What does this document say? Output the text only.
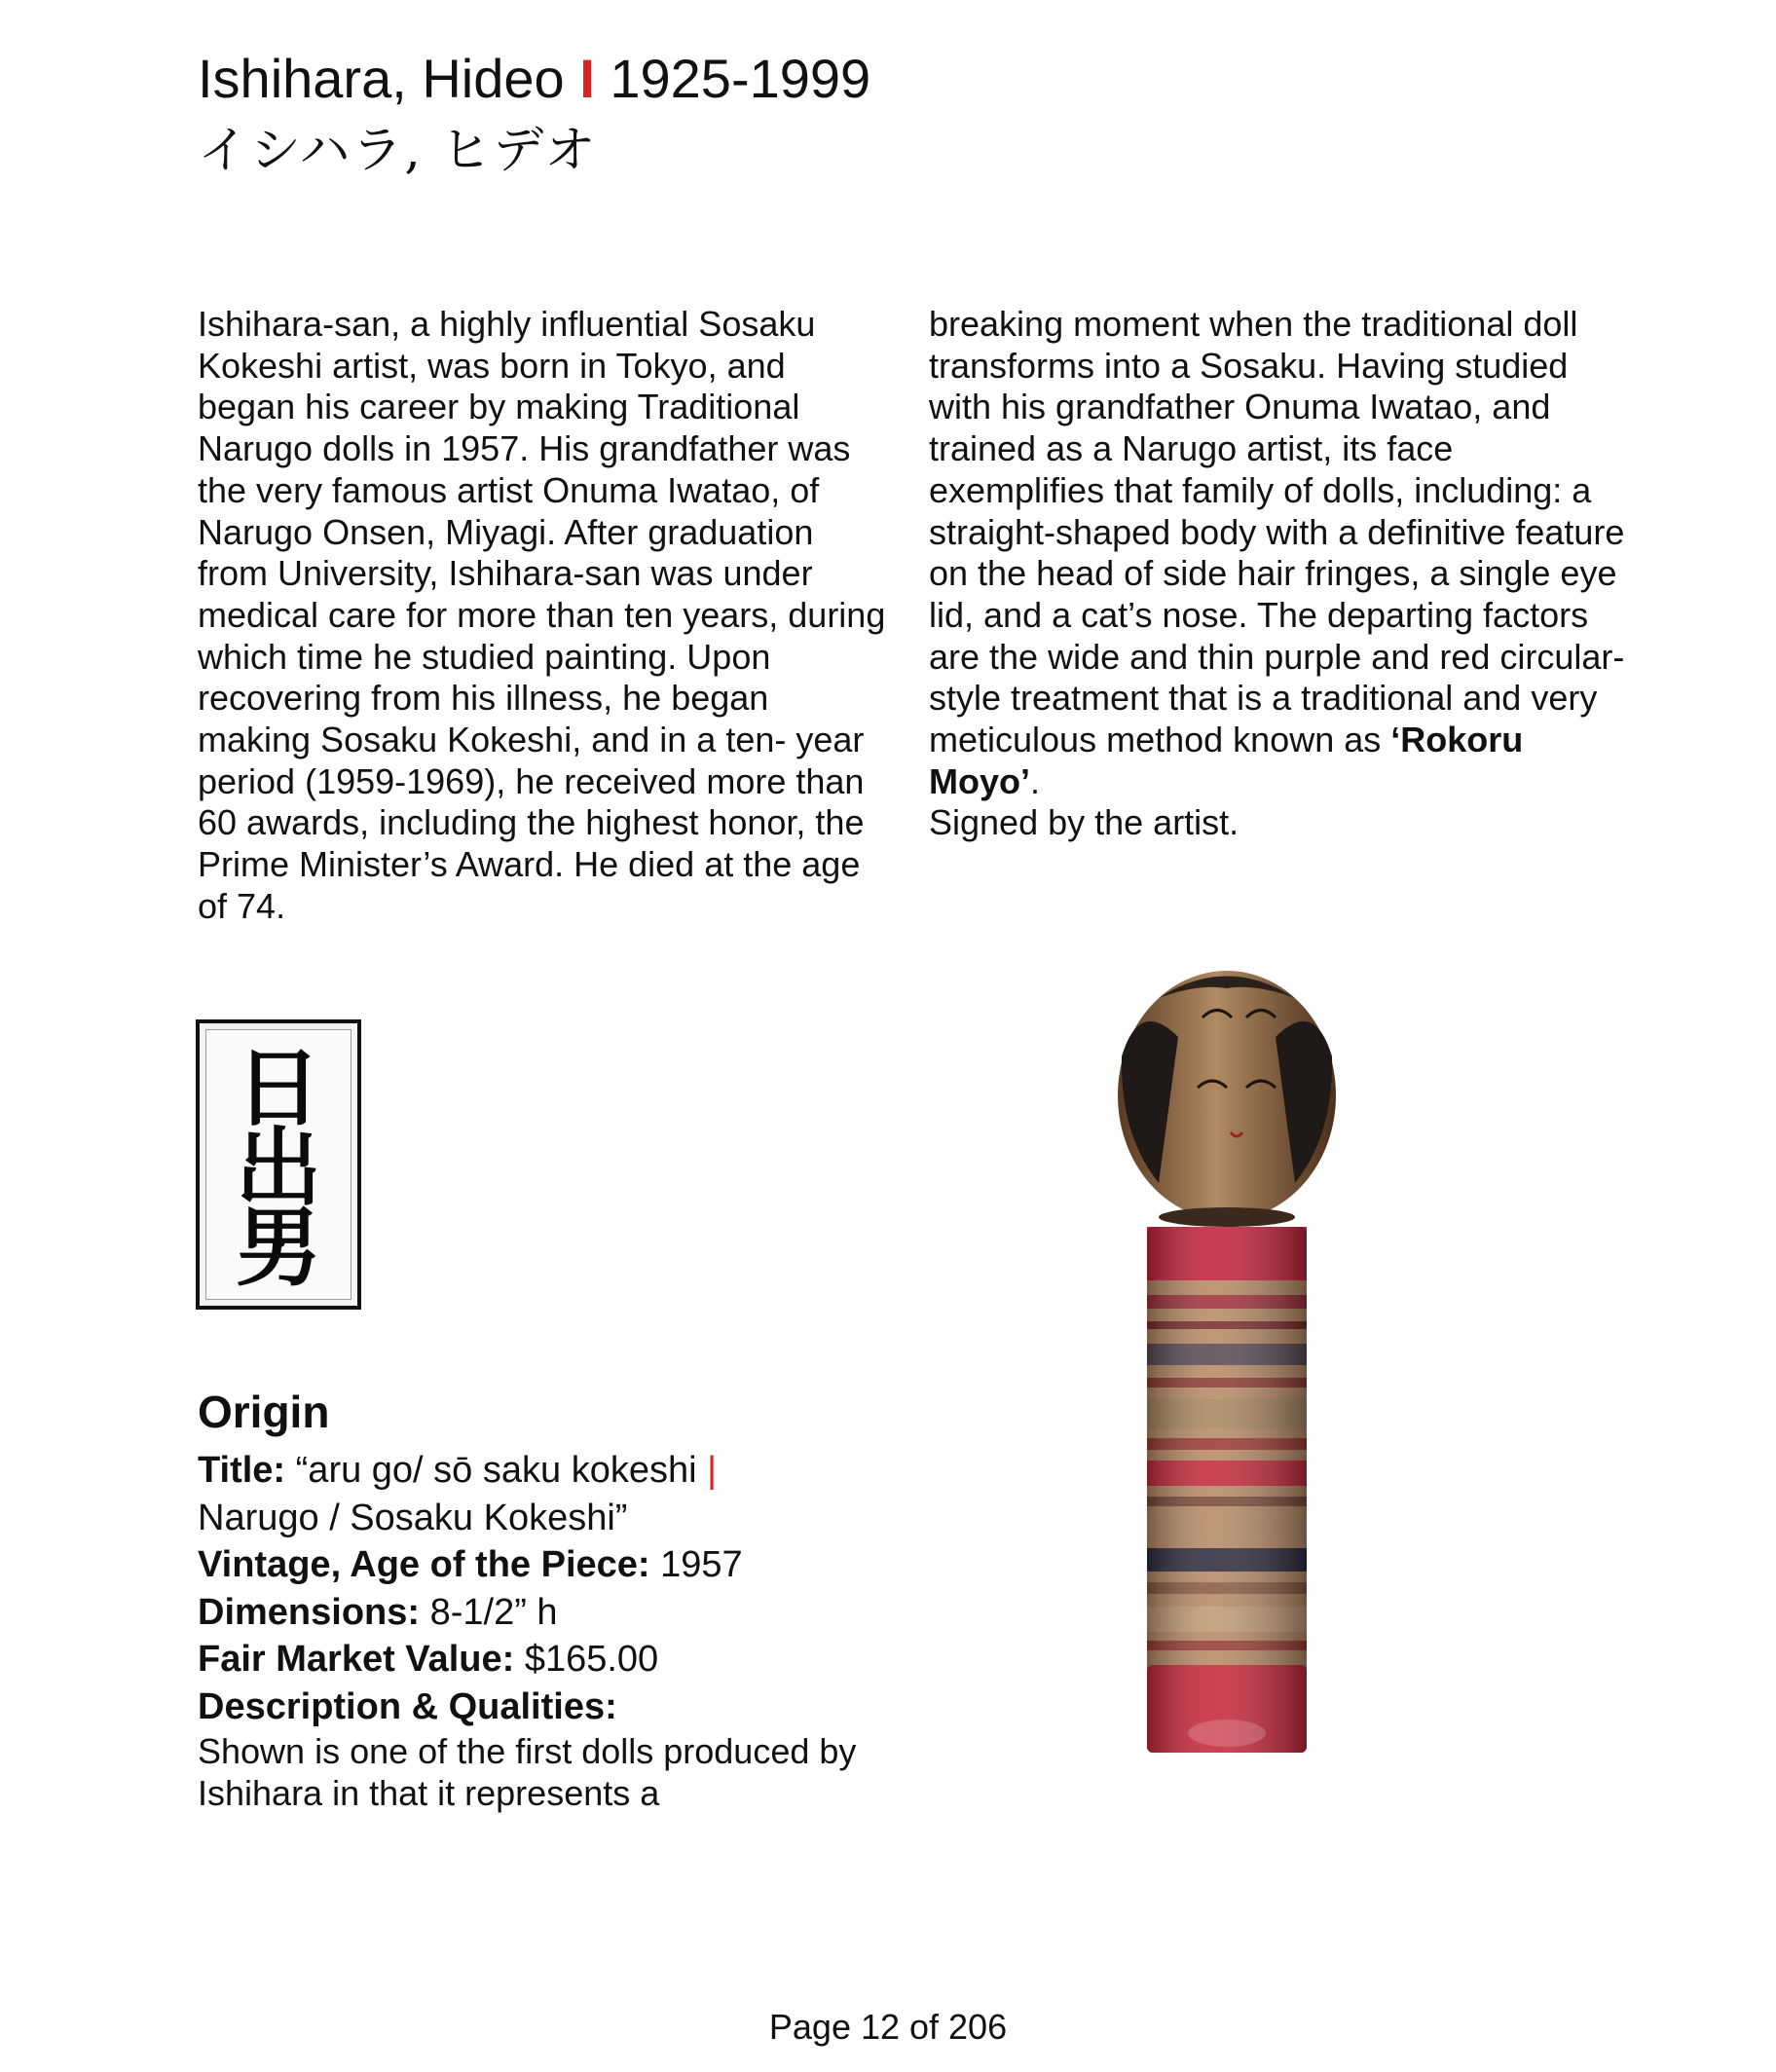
Ishihara, Hideo I 1925-1999
イシハラ, ヒデオ
Ishihara-san, a highly influential Sosaku Kokeshi artist, was born in Tokyo, and began his career by making Traditional Narugo dolls in 1957. His grandfather was the very famous artist Onuma Iwatao, of Narugo Onsen, Miyagi. After graduation from University, Ishihara-san was under medical care for more than ten years, during which time he studied painting. Upon recovering from his illness, he began making Sosaku Kokeshi, and in a ten- year period (1959-1969), he received more than 60 awards, including the highest honor, the Prime Minister’s Award. He died at the age of 74.
breaking moment when the traditional doll transforms into a Sosaku. Having studied with his grandfather Onuma Iwatao, and trained as a Narugo artist, its face exemplifies that family of dolls, including: a straight-shaped body with a definitive feature on the head of side hair fringes, a single eye lid, and a cat’s nose. The departing factors are the wide and thin purple and red circular-style treatment that is a traditional and very meticulous method known as ‘Rokoru Moyo’.
Signed by the artist.
日
出
男
Origin
Title: “aru go/ sō saku kokeshi |
Narugo / Sosaku Kokeshi”
Vintage, Age of the Piece: 1957
Dimensions: 8-1/2” h
Fair Market Value: $165.00
Description & Qualities:
Shown is one of the first dolls produced by Ishihara in that it represents a
Page 12 of 206
